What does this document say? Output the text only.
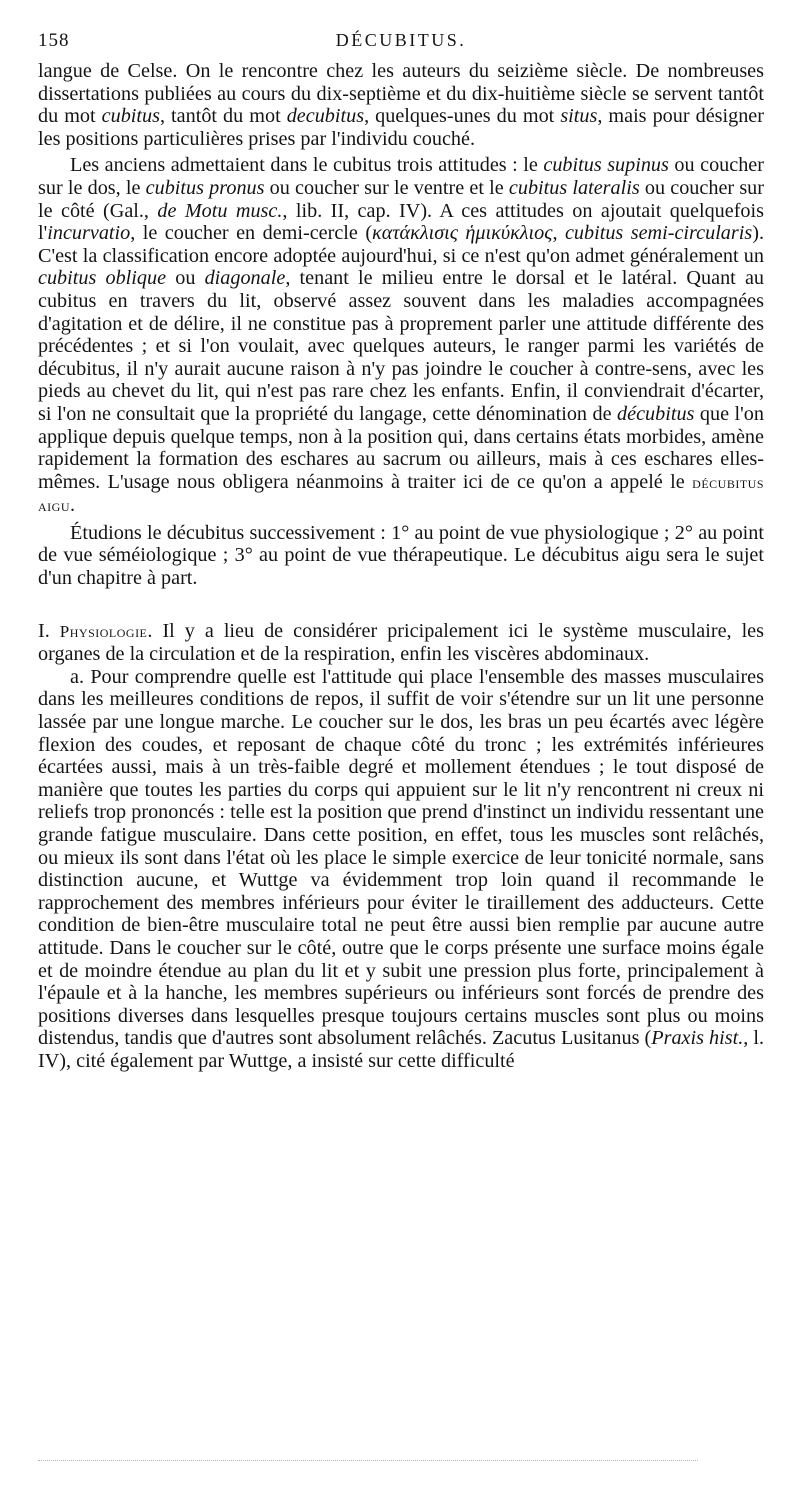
158	DÉCUBITUS.

langue de Celse. On le rencontre chez les auteurs du seizième siècle. De nombreuses dissertations publiées au cours du dix-septième et du dix-huitième siècle se servent tantôt du mot cubitus, tantôt du mot decubitus, quelques-unes du mot situs, mais pour désigner les positions particulières prises par l'individu couché.

Les anciens admettaient dans le cubitus trois attitudes : le cubitus supinus ou coucher sur le dos, le cubitus pronus ou coucher sur le ventre et le cubitus lateralis ou coucher sur le côté (Gal., de Motu musc., lib. II, cap. IV). A ces attitudes on ajoutait quelquefois l'incurvatio, le coucher en demi-cercle (κατάκλισις ἡμικύκλιος, cubitus semi-circularis). C'est la classification encore adoptée aujourd'hui, si ce n'est qu'on admet généralement un cubitus oblique ou diagonale, tenant le milieu entre le dorsal et le latéral. Quant au cubitus en travers du lit, observé assez souvent dans les maladies accompagnées d'agitation et de délire, il ne constitue pas à proprement parler une attitude différente des précédentes ; et si l'on voulait, avec quelques auteurs, le ranger parmi les variétés de décubitus, il n'y aurait aucune raison à n'y pas joindre le coucher à contre-sens, avec les pieds au chevet du lit, qui n'est pas rare chez les enfants. Enfin, il conviendrait d'écarter, si l'on ne consultait que la propriété du langage, cette dénomination de décubitus que l'on applique depuis quelque temps, non à la position qui, dans certains états morbides, amène rapidement la formation des eschares au sacrum ou ailleurs, mais à ces eschares elles-mêmes. L'usage nous obligera néanmoins à traiter ici de ce qu'on a appelé le décubitus aigu.

Étudions le décubitus successivement : 1° au point de vue physiologique ; 2° au point de vue séméiologique ; 3° au point de vue thérapeutique. Le décubitus aigu sera le sujet d'un chapitre à part.

I. Physiologie. Il y a lieu de considérer pricipalement ici le système musculaire, les organes de la circulation et de la respiration, enfin les viscères abdominaux.

a. Pour comprendre quelle est l'attitude qui place l'ensemble des masses musculaires dans les meilleures conditions de repos, il suffit de voir s'étendre sur un lit une personne lassée par une longue marche. Le coucher sur le dos, les bras un peu écartés avec légère flexion des coudes, et reposant de chaque côté du tronc ; les extrémités inférieures écartées aussi, mais à un très-faible degré et mollement étendues ; le tout disposé de manière que toutes les parties du corps qui appuient sur le lit n'y rencontrent ni creux ni reliefs trop prononcés : telle est la position que prend d'instinct un individu ressentant une grande fatigue musculaire. Dans cette position, en effet, tous les muscles sont relâchés, ou mieux ils sont dans l'état où les place le simple exercice de leur tonicité normale, sans distinction aucune, et Wuttge va évidemment trop loin quand il recommande le rapprochement des membres inférieurs pour éviter le tiraillement des adducteurs. Cette condition de bien-être musculaire total ne peut être aussi bien remplie par aucune autre attitude. Dans le coucher sur le côté, outre que le corps présente une surface moins égale et de moindre étendue au plan du lit et y subit une pression plus forte, principalement à l'épaule et à la hanche, les membres supérieurs ou inférieurs sont forcés de prendre des positions diverses dans lesquelles presque toujours certains muscles sont plus ou moins distendus, tandis que d'autres sont absolument relâchés. Zacutus Lusitanus (Praxis hist., l. IV), cité également par Wuttge, a insisté sur cette difficulté
